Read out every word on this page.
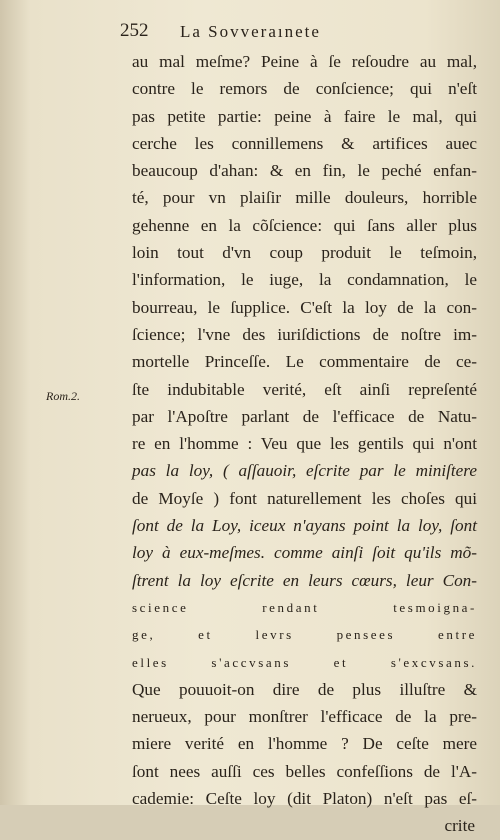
252 La Sovveraınete
Rom.2.
au mal meſme? Peine à ſe reſoudre au mal,
contre le remors de conſcience; qui n'eſt
pas petite partie: peine à faire le mal, qui
cerche les connillemens & artifices auec
beaucoup d'ahan: & en fin, le peché enfan-
té, pour vn plaiſir mille douleurs, horrible
gehenne en la cõſcience: qui ſans aller plus
loin tout d'vn coup produit le teſmoin,
l'information, le iuge, la condamnation, le
bourreau, le ſupplice. C'eſt la loy de la con-
ſcience; l'vne des iuriſdictions de noſtre im-
mortelle Princeſſe. Le commentaire de ce-
ſte indubitable verité, eſt ainſi repreſenté
par l'Apoſtre parlant de l'efficace de Natu-
re en l'homme : Veu que les gentils qui n'ont
pas la loy, ( aſſauoir, eſcrite par le miniſtere
de Moyſe ) font naturellement les choſes qui
ſont de la Loy, iceux n'ayans point la loy, ſont
loy à eux-meſmes. comme ainſi ſoit qu'ils mõ-
ſtrent la loy eſcrite en leurs cœurs, leur Con-
science rendant tesmoigna-
ge, et levrs pensees entre
elles s'accvsans et s'excvsans.
Que pouuoit-on dire de plus illuſtre &
nerueux, pour monſtrer l'efficace de la pre-
miere verité en l'homme ? De ceſte mere
ſont nees auſſi ces belles confeſſions de l'A-
cademie: Ceſte loy (dit Platon) n'eſt pas eſ-
crite
